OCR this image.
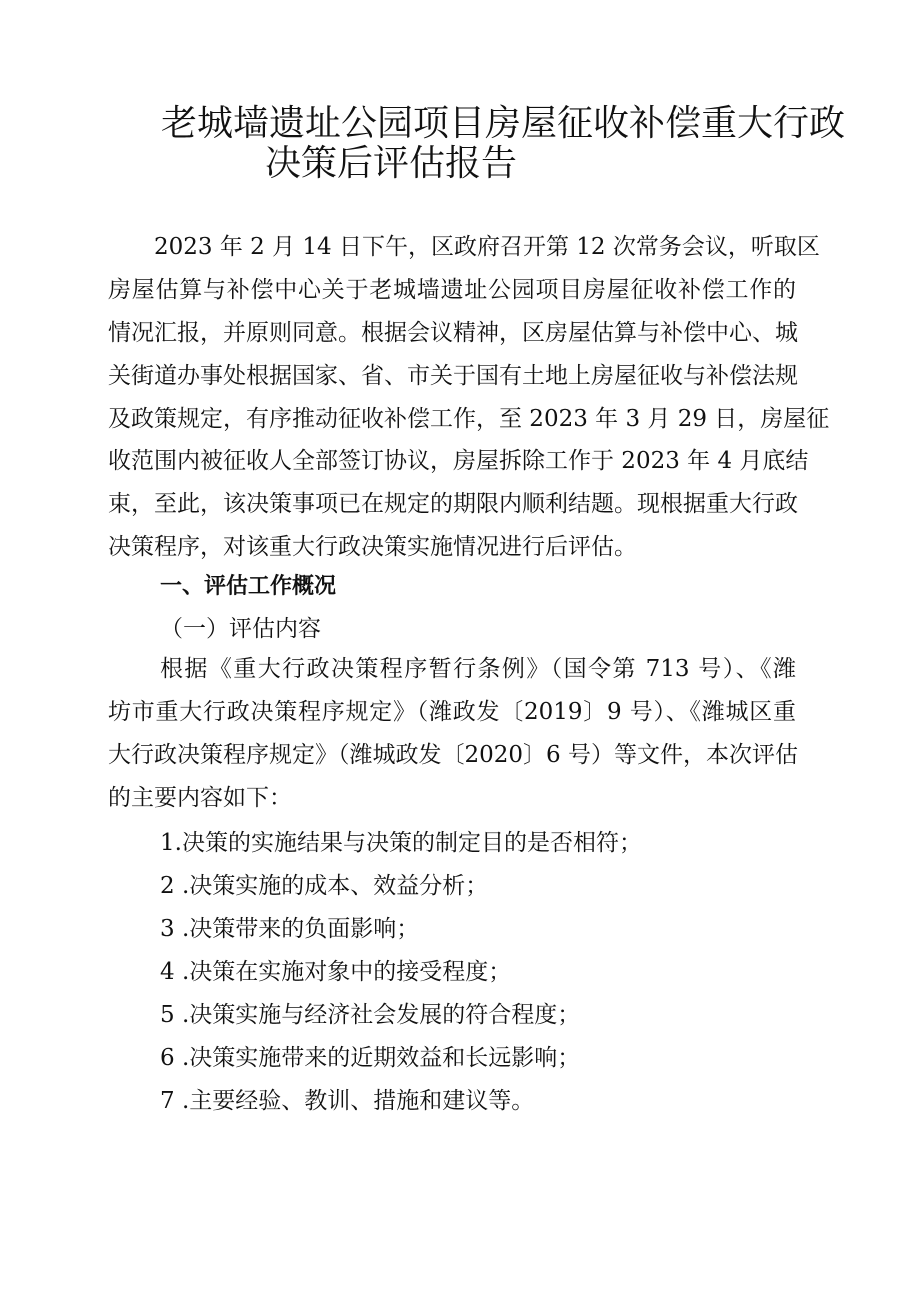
老城墙遗址公园项目房屋征收补偿重大行政
决策后评估报告
2023 年 2 月 14 日下午，区政府召开第 12 次常务会议，听取区
房屋估算与补偿中心关于老城墙遗址公园项目房屋征收补偿工作的
情况汇报，并原则同意。根据会议精神，区房屋估算与补偿中心、城
关街道办事处根据国家、省、市关于国有土地上房屋征收与补偿法规
及政策规定，有序推动征收补偿工作，至 2023 年 3 月 29 日，房屋征
收范围内被征收人全部签订协议，房屋拆除工作于 2023 年 4 月底结
束，至此，该决策事项已在规定的期限内顺利结题。现根据重大行政
决策程序，对该重大行政决策实施情况进行后评估。

一、评估工作概况

（一）评估内容

根据《重大行政决策程序暂行条例》（国令第 713 号）、《潍
坊市重大行政决策程序规定》（潍政发〔2019〕9 号）、《潍城区重
大行政决策程序规定》（潍城政发〔2020〕6 号）等文件，本次评估
的主要内容如下：

1.决策的实施结果与决策的制定目的是否相符；

2 .决策实施的成本、效益分析；

3 .决策带来的负面影响；

4 .决策在实施对象中的接受程度；

5 .决策实施与经济社会发展的符合程度；

6 .决策实施带来的近期效益和长远影响；

7 .主要经验、教训、措施和建议等。
